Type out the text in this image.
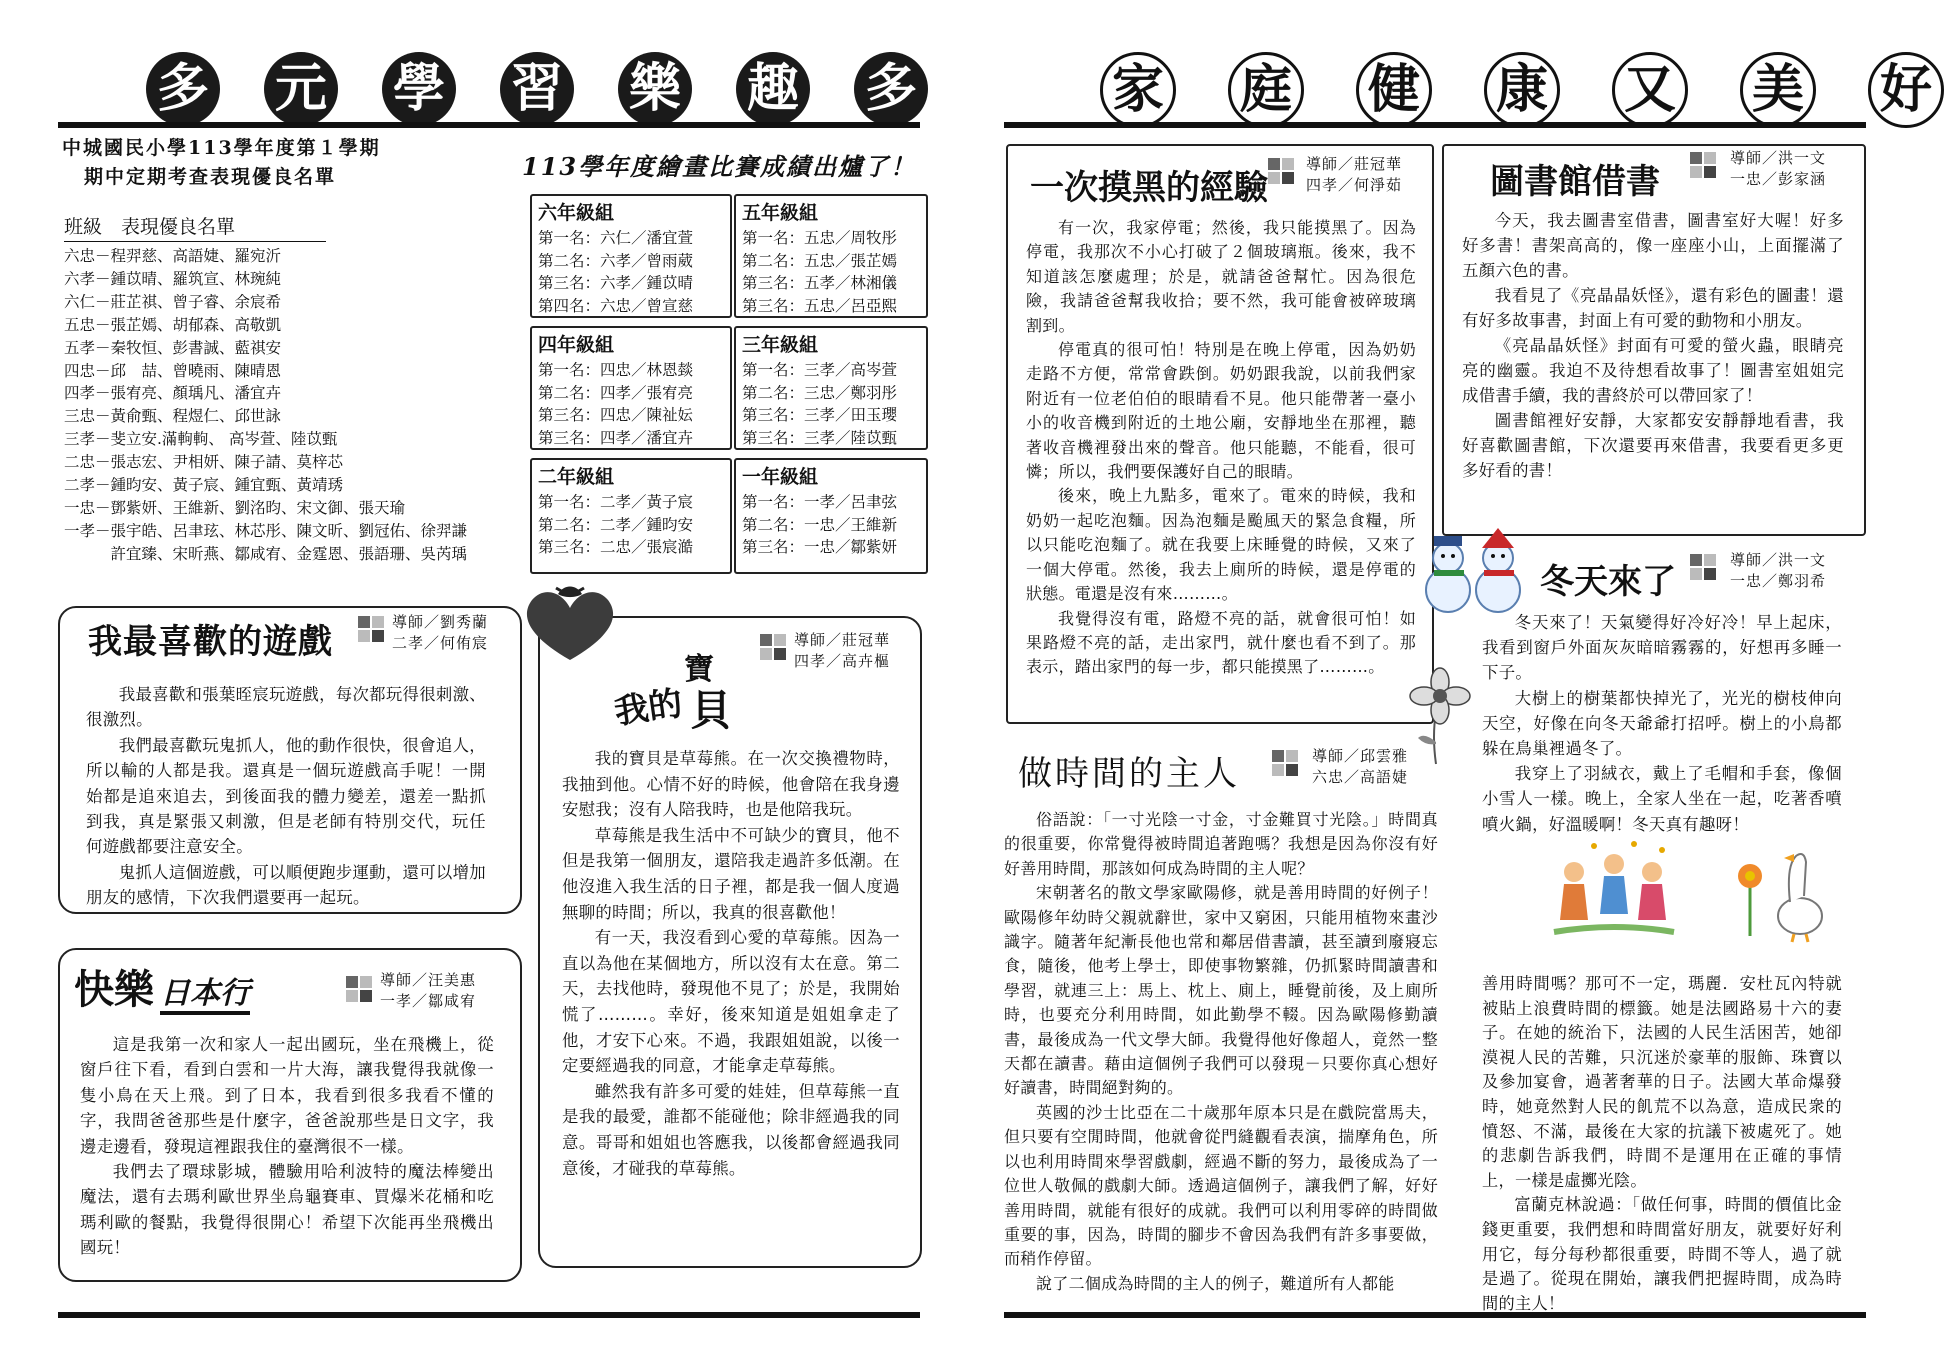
多 元 學 習 樂 趣 多
中城國民小學113學年度第１學期
期中定期考查表現優良名單
班級　表現優良名單
六忠－程羿慈、高語婕、羅宛沂
六孝－鍾苡晴、羅筑宣、林琬純
六仁－莊芷祺、曾子睿、余宸希
五忠－張芷嫣、胡郁森、高敬凱
五孝－秦牧恒、彭書誠、藍祺安
四忠－邱　喆、曾曉雨、陳晴恩
四孝－張宥亮、顏瑀凡、潘宜卉
三忠－黃俞甄、程煜仁、邱世詠
三孝－斐立安.滿軥軥、 高岑萱、陸苡甄
二忠－張志宏、尹相妍、陳子請、莫梓芯
二孝－鍾昀安、黃子宸、鍾宜甄、黃靖琇
一忠－鄧紫妍、王維新、劉洺昀、宋文御、張天瑜
一孝－張宇皓、呂聿玹、林芯彤、陳文昕、劉冠佑、徐羿謙
　　　許宜臻、宋昕燕、鄒咸宥、金霆恩、張語珊、吳芮瑀
113學年度繪畫比賽成績出爐了！
六年級組
第一名：六仁／潘宜萱
第二名：六孝／曾雨葳
第三名：六孝／鍾苡晴
第四名：六忠／曾宣慈
五年級組
第一名：五忠／周牧彤
第二名：五忠／張芷嫣
第三名：五孝／林湘儀
第三名：五忠／呂亞熙
四年級組
第一名：四忠／林恩燅
第二名：四孝／張宥亮
第三名：四忠／陳祉妘
第三名：四孝／潘宜卉
三年級組
第一名：三孝／高岑萱
第二名：三忠／鄭羽彤
第三名：三孝／田玉瓔
第三名：三孝／陸苡甄
二年級組
第一名：二孝／黃子宸
第二名：二孝／鍾昀安
第三名：二忠／張宸澔
一年級組
第一名：一孝／呂聿弦
第二名：一忠／王維新
第三名：一忠／鄒紫妍
我最喜歡的遊戲	導師／劉秀蘭
二孝／何侑宸

我最喜歡和張葉晊宸玩遊戲，每次都玩得很刺激、很激烈。

我們最喜歡玩鬼抓人，他的動作很快，很會追人，所以輸的人都是我。還真是一個玩遊戲高手呢！一開始都是追來追去，到後面我的體力變差，還差一點抓到我，真是緊張又刺激，但是老師有特別交代，玩任何遊戲都要注意安全。

鬼抓人這個遊戲，可以順便跑步運動，還可以增加朋友的感情，下次我們還要再一起玩。

我的
寶
貝
導師／莊冠華
四孝／高卉樞

我的寶貝是草莓熊。在一次交換禮物時，我抽到他。心情不好的時候，他會陪在我身邊安慰我；沒有人陪我時，也是他陪我玩。

草莓熊是我生活中不可缺少的寶貝，他不但是我第一個朋友，還陪我走過許多低潮。在他沒進入我生活的日子裡，都是我一個人度過無聊的時間；所以，我真的很喜歡他！

有一天，我沒看到心愛的草莓熊。因為一直以為他在某個地方，所以沒有太在意。第二天，去找他時，發現他不見了；於是，我開始慌了………。幸好，後來知道是姐姐拿走了他，才安下心來。不過，我跟姐姐說，以後一定要經過我的同意，才能拿走草莓熊。

雖然我有許多可愛的娃娃，但草莓熊一直是我的最愛，誰都不能碰他；除非經過我的同意。哥哥和姐姐也答應我，以後都會經過我同意後，才碰我的草莓熊。

快樂 日本行	導師／汪美惠
一孝／鄒咸宥

這是我第一次和家人一起出國玩，坐在飛機上，從窗戶往下看，看到白雲和一片大海，讓我覺得我就像一隻小鳥在天上飛。到了日本，我看到很多我看不懂的字，我問爸爸那些是什麼字，爸爸說那些是日文字，我邊走邊看，發現這裡跟我住的臺灣很不一樣。

我們去了環球影城，體驗用哈利波特的魔法棒變出魔法，還有去瑪利歐世界坐烏龜賽車、買爆米花桶和吃瑪利歐的餐點，我覺得很開心！希望下次能再坐飛機出國玩！

家 庭 健 康 又 美 好
一次摸黑的經驗
導師／莊冠華
四孝／何淨茹

有一次，我家停電；然後，我只能摸黑了。因為停電，我那次不小心打破了２個玻璃瓶。後來，我不知道該怎麼處理；於是，就請爸爸幫忙。因為很危險，我請爸爸幫我收拾；要不然，我可能會被碎玻璃割到。

停電真的很可怕！特別是在晚上停電，因為奶奶走路不方便，常常會跌倒。奶奶跟我說，以前我們家附近有一位老伯伯的眼睛看不見。他只能帶著一臺小小的收音機到附近的土地公廟，安靜地坐在那裡，聽著收音機裡發出來的聲音。他只能聽，不能看，很可憐；所以，我們要保護好自己的眼睛。

後來，晚上九點多，電來了。電來的時候，我和奶奶一起吃泡麵。因為泡麵是颱風天的緊急食糧，所以只能吃泡麵了。就在我要上床睡覺的時候，又來了一個大停電。然後，我去上廁所的時候，還是停電的狀態。電還是沒有來………。

我覺得沒有電，路燈不亮的話，就會很可怕！如果路燈不亮的話，走出家門，就什麼也看不到了。那表示，踏出家門的每一步，都只能摸黑了………。

圖書館借書
導師／洪一文
一忠／彭家涵

今天，我去圖書室借書，圖書室好大喔！好多好多書！書架高高的，像一座座小山，上面擺滿了五顏六色的書。

我看見了《亮晶晶妖怪》，還有彩色的圖畫！還有好多故事書，封面上有可愛的動物和小朋友。

《亮晶晶妖怪》封面有可愛的螢火蟲，眼睛亮亮的幽靈。我迫不及待想看故事了！圖書室姐姐完成借書手續，我的書終於可以帶回家了！

圖書館裡好安靜，大家都安安靜靜地看書，我好喜歡圖書館，下次還要再來借書，我要看更多更多好看的書！

冬天來了
導師／洪一文
一忠／鄭羽希

冬天來了！天氣變得好冷好冷！早上起床，我看到窗戶外面灰灰暗暗霧霧的，好想再多睡一下子。

大樹上的樹葉都快掉光了，光光的樹枝伸向天空，好像在向冬天爺爺打招呼。樹上的小鳥都躲在鳥巢裡過冬了。

我穿上了羽絨衣，戴上了毛帽和手套，像個小雪人一樣。晚上，全家人坐在一起，吃著香噴噴火鍋，好溫暖啊！冬天真有趣呀！

做時間的主人	導師／邱雲雅
六忠／高語婕

俗語說：「一寸光陰一寸金，寸金難買寸光陰。」時間真的很重要，你常覺得被時間追著跑嗎？我想是因為你沒有好好善用時間，那該如何成為時間的主人呢？

宋朝著名的散文學家歐陽修，就是善用時間的好例子！歐陽修年幼時父親就辭世，家中又窮困，只能用植物來畫沙識字。隨著年紀漸長他也常和鄰居借書讀，甚至讀到廢寢忘食，隨後，他考上學士，即使事物繁雜，仍抓緊時間讀書和學習，就連三上：馬上、枕上、廁上，睡覺前後，及上廁所時，也要充分利用時間，如此勤學不輟。因為歐陽修勤讀書，最後成為一代文學大師。我覺得他好像超人，竟然一整天都在讀書。藉由這個例子我們可以發現－只要你真心想好好讀書，時間絕對夠的。

英國的沙士比亞在二十歲那年原本只是在戲院當馬夫，但只要有空閒時間，他就會從門縫觀看表演，揣摩角色，所以也利用時間來學習戲劇，經過不斷的努力，最後成為了一位世人敬佩的戲劇大師。透過這個例子，讓我們了解，好好善用時間，就能有很好的成就。我們可以利用零碎的時間做重要的事，因為，時間的腳步不會因為我們有許多事要做，而稍作停留。

說了二個成為時間的主人的例子，難道所有人都能

善用時間嗎？那可不一定，瑪麗．安杜瓦內特就被貼上浪費時間的標籤。她是法國路易十六的妻子。在她的統治下，法國的人民生活困苦，她卻漠視人民的苦難，只沉迷於豪華的服飾、珠寶以及參加宴會，過著奢華的日子。法國大革命爆發時，她竟然對人民的飢荒不以為意，造成民衆的憤怒、不滿，最後在大家的抗議下被處死了。她的悲劇告訴我們，時間不是運用在正確的事情上，一樣是虛擲光陰。

富蘭克林說過：「做任何事，時間的價值比金錢更重要，我們想和時間當好朋友，就要好好利用它，每分每秒都很重要，時間不等人，過了就是過了。從現在開始，讓我們把握時間，成為時間的主人！
